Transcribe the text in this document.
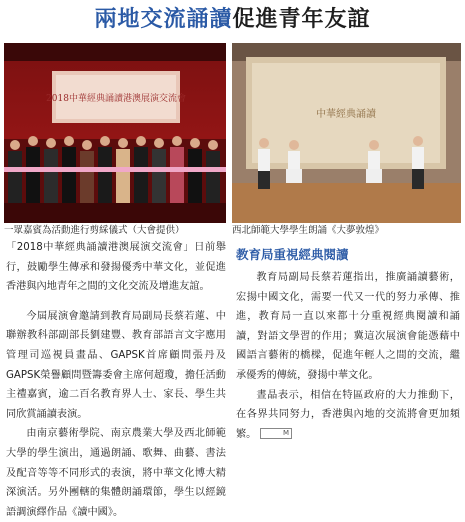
兩地交流誦讀促進青年友誼
2018中華經典誦讀港澳展演交流會
一眾嘉賓為活動進行剪綵儀式（大會提供）
中華經典誦讀
西北師範大學學生朗誦《大夢敦煌》

「2018中華經典誦讀港澳展演交流會」日前舉行，鼓勵學生傳承和發揚優秀中華文化，並促進香港與內地青年之間的文化交流及增進友誼。

今屆展演會邀請到教育局副局長蔡若蓮、中聯辦教科部副部長劉建豐、教育部語言文字應用管理司巡視員畫晶、GAPSK首席顧問張丹及GAPSK榮譽顧問暨籌委會主席何超瓊，擔任活動主禮嘉賓，逾二百名教育界人士、家長、學生共同欣賞誦讀表演。

由南京藝術學院、南京農業大學及西北師範大學的學生演出，通過朗誦、歌舞、曲藝、書法及配音等等不同形式的表演，將中華文化博大精深演活。另外團轄的集體朗誦環節，學生以經鏡語調演繹作品《讀中國》。

教育局重視經典閱讀

教育局副局長蔡若蓮指出，推廣誦讀藝術，宏揚中國文化，需要一代又一代的努力承傳、推進，教育局一直以來都十分重視經典閱讀和誦讀，對語文學習的作用；冀這次展演會能憑藉中國語言藝術的橋樑，促進年輕人之間的交流，繼承優秀的傳統，發揚中華文化。

晝晶表示，相信在特區政府的大力推動下，在各界共同努力，香港與內地的交流將會更加頻繁。	M
